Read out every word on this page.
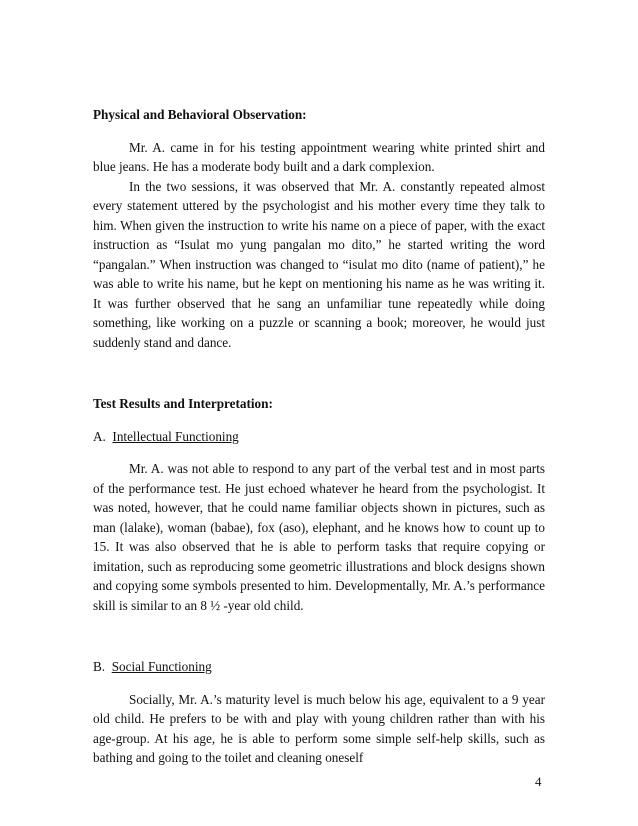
Physical and Behavioral Observation:

Mr. A. came in for his testing appointment wearing white printed shirt and blue jeans. He has a moderate body built and a dark complexion.

In the two sessions, it was observed that Mr. A. constantly repeated almost every statement uttered by the psychologist and his mother every time they talk to him. When given the instruction to write his name on a piece of paper, with the exact instruction as “Isulat mo yung pangalan mo dito,” he started writing the word “pangalan.” When instruction was changed to “isulat mo dito (name of patient),” he was able to write his name, but he kept on mentioning his name as he was writing it. It was further observed that he sang an unfamiliar tune repeatedly while doing something, like working on a puzzle or scanning a book; moreover, he would just suddenly stand and dance.

Test Results and Interpretation:

A. Intellectual Functioning

Mr. A. was not able to respond to any part of the verbal test and in most parts of the performance test. He just echoed whatever he heard from the psychologist. It was noted, however, that he could name familiar objects shown in pictures, such as man (lalake), woman (babae), fox (aso), elephant, and he knows how to count up to 15. It was also observed that he is able to perform tasks that require copying or imitation, such as reproducing some geometric illustrations and block designs shown and copying some symbols presented to him. Developmentally, Mr. A.’s performance skill is similar to an 8 ½ -year old child.

B. Social Functioning

Socially, Mr. A.’s maturity level is much below his age, equivalent to a 9 year old child. He prefers to be with and play with young children rather than with his age-group. At his age, he is able to perform some simple self-help skills, such as bathing and going to the toilet and cleaning oneself

4
